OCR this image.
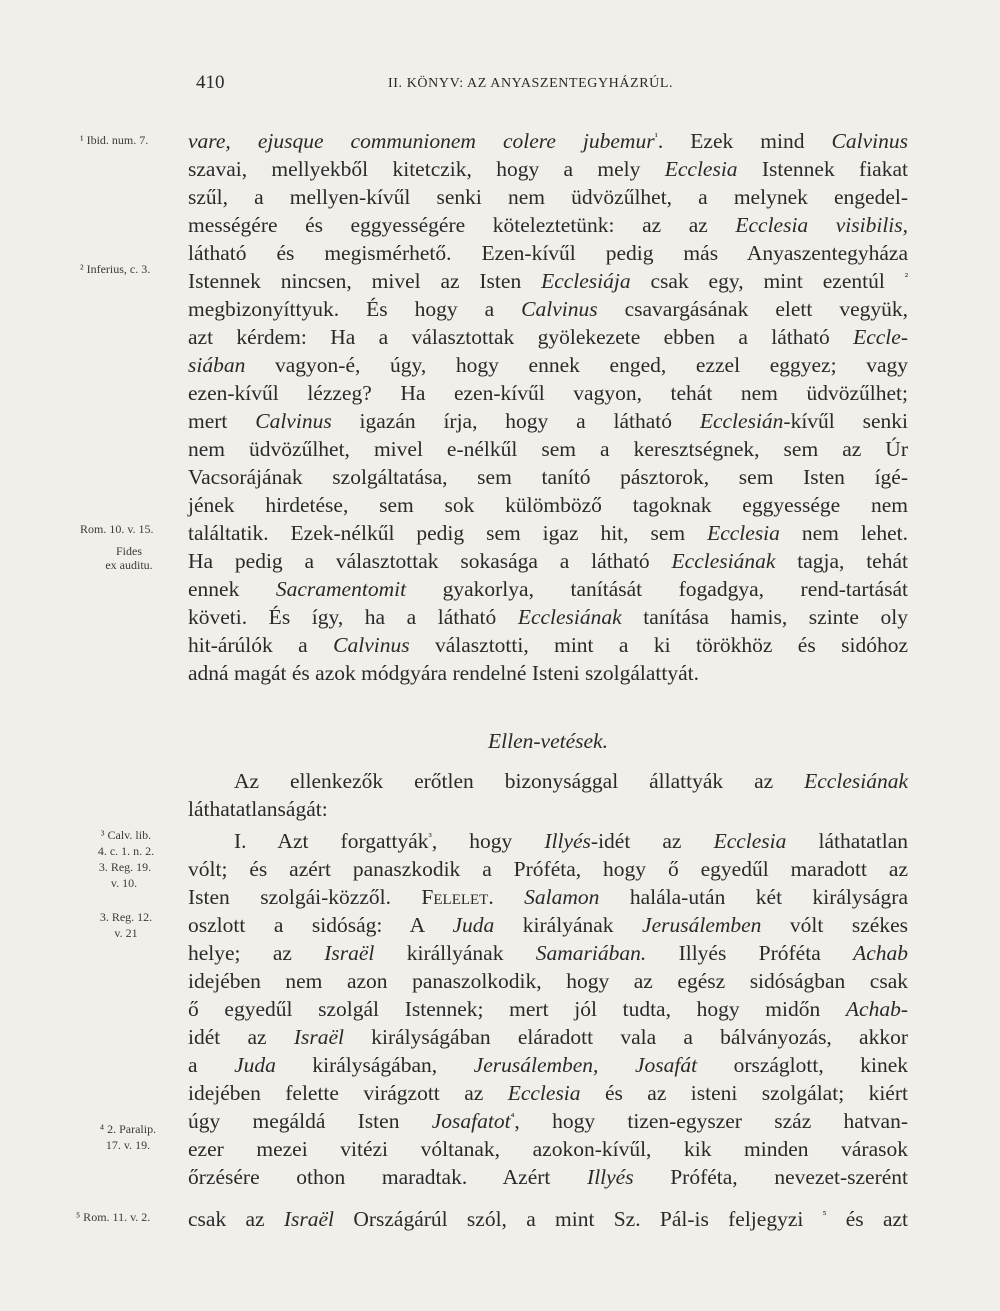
410	II. KÖNYV: AZ ANYASZENTEGYHÁZRÚL.
¹ Ibid. num. 7.
² Inferius, c. 3.
Rom. 10. v. 15.
Fides
ex auditu.
³ Calv. lib.
4. c. 1. n. 2.
3. Reg. 19.
v. 10.
3. Reg. 12.
v. 21
⁴ 2. Paralip.
17. v. 19.
⁵ Rom. 11. v. 2.
vare, ejusque communionem colere jubemur$^{^1}$. Ezek mind Calvinus
szavai, mellyekből kitetczik, hogy a mely Ecclesia Istennek fiakat
szűl, a mellyen-kívűl senki nem üdvözűlhet, a melynek engedel-
mességére és eggyességére köteleztetünk: az az Ecclesia visibilis,
látható és megismérhető. Ezen-kívűl pedig más Anyaszentegyháza
Istennek nincsen, mivel az Isten Ecclesiája csak egy, mint ezentúl $^{^2}$
megbizonyíttyuk. És hogy a Calvinus csavargásának elett vegyük,
azt kérdem: Ha a választottak gyölekezete ebben a látható Eccle-
siában vagyon-é, úgy, hogy ennek enged, ezzel eggyez; vagy
ezen-kívűl lézzeg? Ha ezen-kívűl vagyon, tehát nem üdvözűlhet;
mert Calvinus igazán írja, hogy a látható Ecclesián-kívűl senki
nem üdvözűlhet, mivel e-nélkűl sem a keresztségnek, sem az Úr
Vacsorájának szolgáltatása, sem tanító pásztorok, sem Isten ígé-
jének hirdetése, sem sok külömböző tagoknak eggyessége nem
találtatik. Ezek-nélkűl pedig sem igaz hit, sem Ecclesia nem lehet.
Ha pedig a választottak sokasága a látható Ecclesiának tagja, tehát
ennek Sacramentomit gyakorlya, tanítását fogadgya, rend-tartását
követi. És így, ha a látható Ecclesiának tanítása hamis, szinte oly
hit-árúlók a Calvinus választotti, mint a ki törökhöz és sidóhoz
adná magát és azok módgyára rendelné Isteni szolgálattyát.
Ellen-vetések.
Az ellenkezők erőtlen bizonysággal állattyák az Ecclesiának
láthatatlanságát:
I. Azt forgattyák$^{^3}$, hogy Illyés-idét az Ecclesia láthatatlan
vólt; és azért panaszkodik a Próféta, hogy ő egyedűl maradott az
Isten szolgái-közzől. Felelet. Salamon halála-után két királyságra
oszlott a sidóság: A Juda királyának Jerusálemben vólt székes
helye; az Israël királlyának Samariában. Illyés Próféta Achab
idejében nem azon panaszolkodik, hogy az egész sidóságban csak
ő egyedűl szolgál Istennek; mert jól tudta, hogy midőn Achab-
idét az Israël királyságában eláradott vala a bálványozás, akkor
a Juda királyságában, Jerusálemben, Josafát országlott, kinek
idejében felette virágzott az Ecclesia és az isteni szolgálat; kiért
úgy megáldá Isten Josafatot$^{^4}$, hogy tizen-egyszer száz hatvan-
ezer mezei vitézi vóltanak, azokon-kívűl, kik minden várasok
őrzésére othon maradtak. Azért Illyés Próféta, nevezet-szerént
csak az Israël Országárúl szól, a mint Sz. Pál-is feljegyzi $^{^5}$ és azt
